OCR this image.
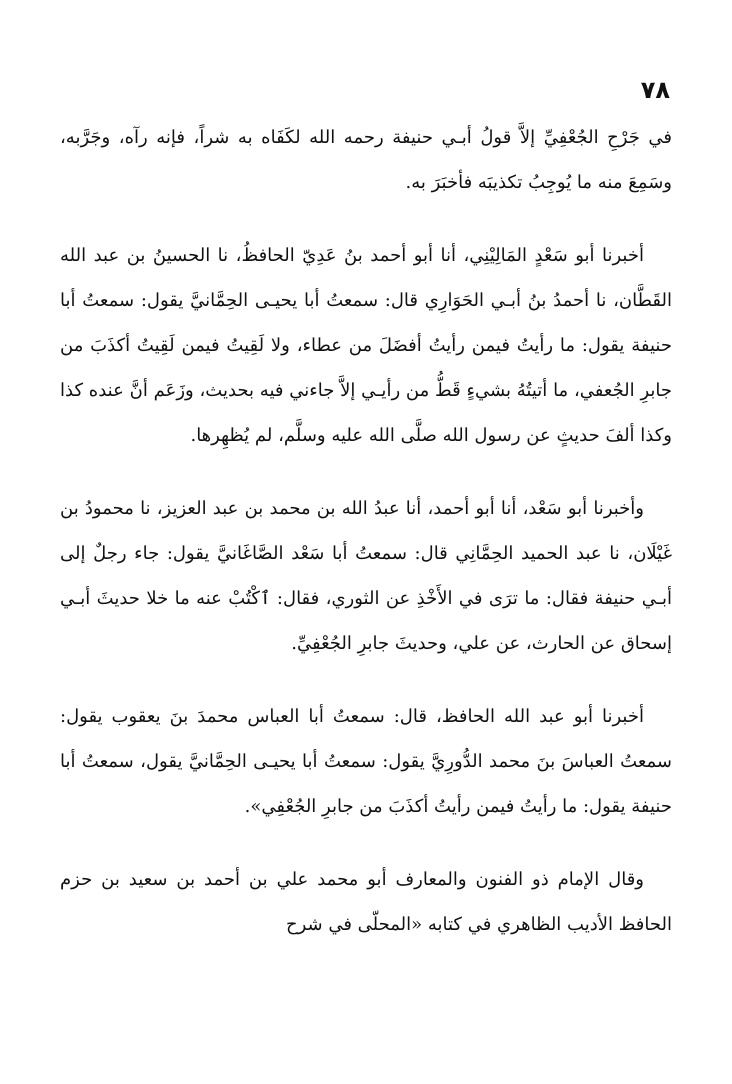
٧٨

في جَرْحِ الجُعْفِيِّ إلاَّ قولُ أبـي حنيفة رحمه الله لكَفَاه به شراً، فإنه رآه، وجَرَّبه، وسَمِعَ منه ما يُوجِبُ تكذيبَه فأخبَرَ به.

أخبرنا أبو سَعْدٍ المَالِيْنِي، أنا أبو أحمد بنُ عَدِيّ الحافظُ، نا الحسينُ بن عبد الله القَطَّان، نا أحمدُ بنُ أبـي الحَوَارِي قال: سمعتُ أبا يحيـى الحِمَّانيَّ يقول: سمعتُ أبا حنيفة يقول: ما رأيتُ فيمن رأيتُ أفضَلَ من عطاء، ولا لَقِيتُ فيمن لَقِيتُ أكذَبَ من جابرِ الجُعفي، ما أتيتُهُ بشيءٍ قَطُّ من رأيـي إلاَّ جاءني فيه بحديث، وزَعَم أنَّ عنده كذا وكذا ألفَ حديثٍ عن رسول الله صلَّى الله عليه وسلَّم، لم يُظهِرها.

وأخبرنا أبو سَعْد، أنا أبو أحمد، أنا عبدُ الله بن محمد بن عبد العزيز، نا محمودُ بن غَيْلَان، نا عبد الحميد الحِمَّانِي قال: سمعتُ أبا سَعْد الصَّاغَانيَّ يقول: جاء رجلٌ إلى أبـي حنيفة فقال: ما ترَى في الأَخْذِ عن الثوري، فقال: ٱكْتُبْ عنه ما خلا حديثَ أبـي إسحاق عن الحارث، عن علي، وحديثَ جابرِ الجُعْفِيِّ.

أخبرنا أبو عبد الله الحافظ، قال: سمعتُ أبا العباس محمدَ بنَ يعقوب يقول: سمعتُ العباسَ بنَ محمد الدُّورِيَّ يقول: سمعتُ أبا يحيـى الحِمَّانيَّ يقول، سمعتُ أبا حنيفة يقول: ما رأيتُ فيمن رأيتُ أكذَبَ من جابرِ الجُعْفِي».

وقال الإمام ذو الفنون والمعارف أبو محمد علي بن أحمد بن سعيد بن حزم الحافظ الأديب الظاهري في كتابه «المحلّى في شرح
